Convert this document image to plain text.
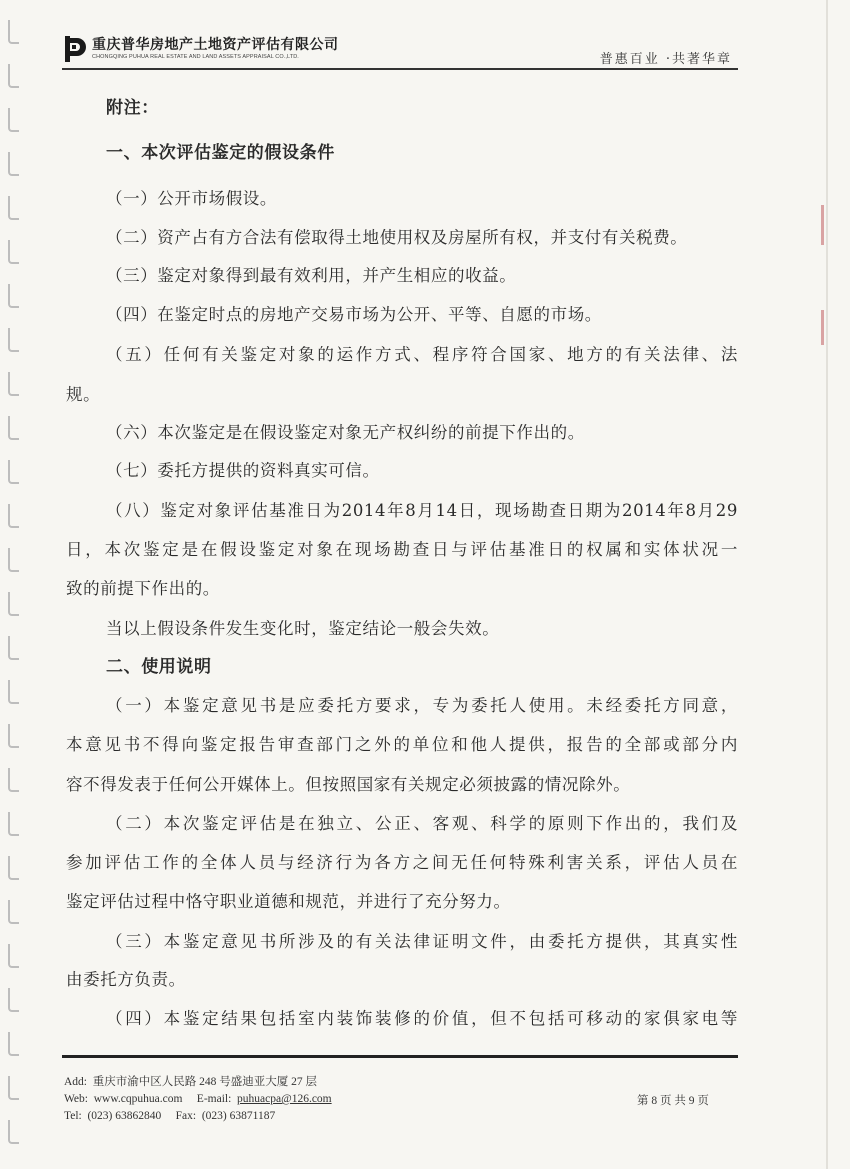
重庆普华房地产土地资产评估有限公司
CHONGQING PUHUA REAL ESTATE AND LAND ASSETS APPRAISAL CO.,LTD.	普惠百业 ·共著华章
附注：
一、本次评估鉴定的假设条件
（一）公开市场假设。
（二）资产占有方合法有偿取得土地使用权及房屋所有权，并支付有关税费。
（三）鉴定对象得到最有效利用，并产生相应的收益。
（四）在鉴定时点的房地产交易市场为公开、平等、自愿的市场。
（五）任何有关鉴定对象的运作方式、程序符合国家、地方的有关法律、法
规。
（六）本次鉴定是在假设鉴定对象无产权纠纷的前提下作出的。
（七）委托方提供的资料真实可信。
（八）鉴定对象评估基准日为2014年8月14日，现场勘查日期为2014年8月29
日，本次鉴定是在假设鉴定对象在现场勘查日与评估基准日的权属和实体状况一
致的前提下作出的。
当以上假设条件发生变化时，鉴定结论一般会失效。
二、使用说明
（一）本鉴定意见书是应委托方要求，专为委托人使用。未经委托方同意，
本意见书不得向鉴定报告审查部门之外的单位和他人提供，报告的全部或部分内
容不得发表于任何公开媒体上。但按照国家有关规定必须披露的情况除外。
（二）本次鉴定评估是在独立、公正、客观、科学的原则下作出的，我们及
参加评估工作的全体人员与经济行为各方之间无任何特殊利害关系，评估人员在
鉴定评估过程中恪守职业道德和规范，并进行了充分努力。
（三）本鉴定意见书所涉及的有关法律证明文件，由委托方提供，其真实性
由委托方负责。
（四）本鉴定结果包括室内装饰装修的价值，但不包括可移动的家俱家电等
Add: 重庆市渝中区人民路 248 号盛迪亚大厦 27 层
Web: www.cqpuhua.com E-mail: puhuacpa@126.com
Tel: (023) 63862840 Fax: (023) 63871187
第 8 页 共 9 页
